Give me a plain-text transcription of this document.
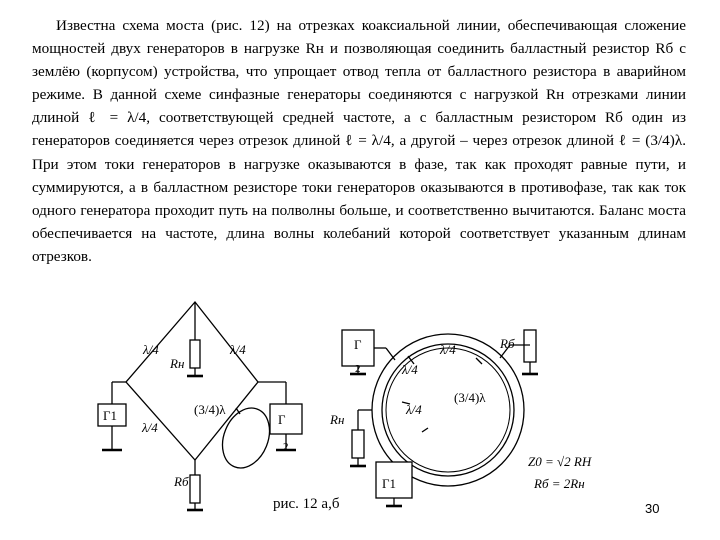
Известна схема моста (рис. 12) на отрезках коаксиальной линии, обеспечивающая сложение мощностей двух генераторов в нагрузке Rн и позволяющая соединить балластный резистор Rб с землёю (корпусом) устройства, что упрощает отвод тепла от балластного резистора в аварийном режиме. В данной схеме синфазные генераторы соединяются с нагрузкой Rн отрезками линии длиной ℓ = λ/4, соответствующей средней частоте, а с балластным резистором Rб один из генераторов соединяется через отрезок длиной ℓ = λ/4, а другой – через отрезок длиной ℓ = (3/4)λ. При этом токи генераторов в нагрузке оказываются в фазе, так как проходят равные пути, и суммируются, а в балластном резисторе токи генераторов оказываются в противофазе, так как ток одного генератора проходит путь на полволны больше, и соответственно вычитаются. Баланс моста обеспечивается на частоте, длина волны колебаний которой соответствует указанным длинам отрезков.

λ/4	λ/4
Rн
Г1
λ/4
(3/4)λ
Г
2
Rб
Г
2
λ/4	Rб
λ/4
(3/4)λ
λ/4
Rн
Г1
Z0 = √2 RН
Rб = 2Rн
рис. 12 а,б	30
